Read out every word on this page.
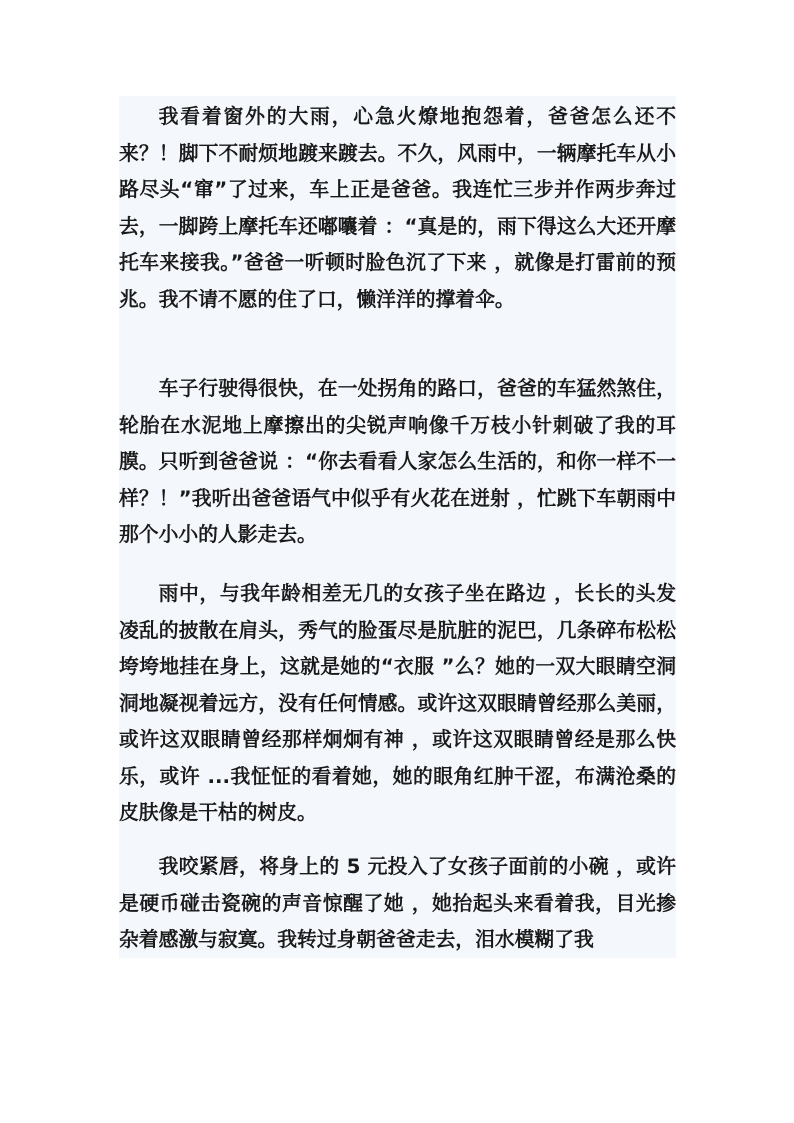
我看着窗外的大雨，心急火燎地抱怨着，爸爸怎么还不来？！脚下不耐烦地踱来踱去。不久，风雨中，一辆摩托车从小路尽头“窜”了过来，车上正是爸爸。我连忙三步并作两步奔过去，一脚跨上摩托车还嘟囔着 ：“真是的，雨下得这么大还开摩托车来接我。”爸爸一听顿时脸色沉了下来 ，就像是打雷前的预兆。我不请不愿的住了口，懒洋洋的撑着伞。

车子行驶得很快，在一处拐角的路口，爸爸的车猛然煞住，轮胎在水泥地上摩擦出的尖锐声响像千万枝小针刺破了我的耳膜。只听到爸爸说 ：“你去看看人家怎么生活的，和你一样不一样？！”我听出爸爸语气中似乎有火花在迸射 ，忙跳下车朝雨中那个小小的人影走去。

雨中，与我年龄相差无几的女孩子坐在路边 ，长长的头发凌乱的披散在肩头，秀气的脸蛋尽是肮脏的泥巴，几条碎布松松垮垮地挂在身上，这就是她的“衣服 ”么？她的一双大眼睛空洞洞地凝视着远方，没有任何情感。或许这双眼睛曾经那么美丽，或许这双眼睛曾经那样炯炯有神 ，或许这双眼睛曾经是那么快乐，或许 ...我怔怔的看着她，她的眼角红肿干涩，布满沧桑的皮肤像是干枯的树皮。

我咬紧唇，将身上的 5 元投入了女孩子面前的小碗 ，或许是硬币碰击瓷碗的声音惊醒了她 ，她抬起头来看着我，目光掺杂着感激与寂寞。我转过身朝爸爸走去，泪水模糊了我
